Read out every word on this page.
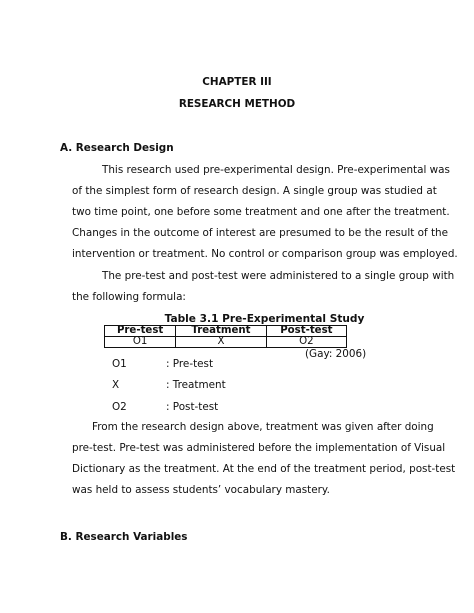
CHAPTER III
RESEARCH METHOD
A. Research Design
This research used pre-experimental design. Pre-experimental was
of the simplest form of research design. A single group was studied at
two time point, one before some treatment and one after the treatment.
Changes in the outcome of interest are presumed to be the result of the
intervention or treatment. No control or comparison group was employed.
The pre-test and post-test were administered to a single group with
the following formula:
Table 3.1 Pre-Experimental Study
Pre-test	Treatment	Post-test
O1	X	O2
(Gay: 2006)
O1	: Pre-test
X	: Treatment
O2	: Post-test
From the research design above, treatment was given after doing
pre-test. Pre-test was administered before the implementation of Visual
Dictionary as the treatment. At the end of the treatment period, post-test
was held to assess students’ vocabulary mastery.
B. Research Variables
